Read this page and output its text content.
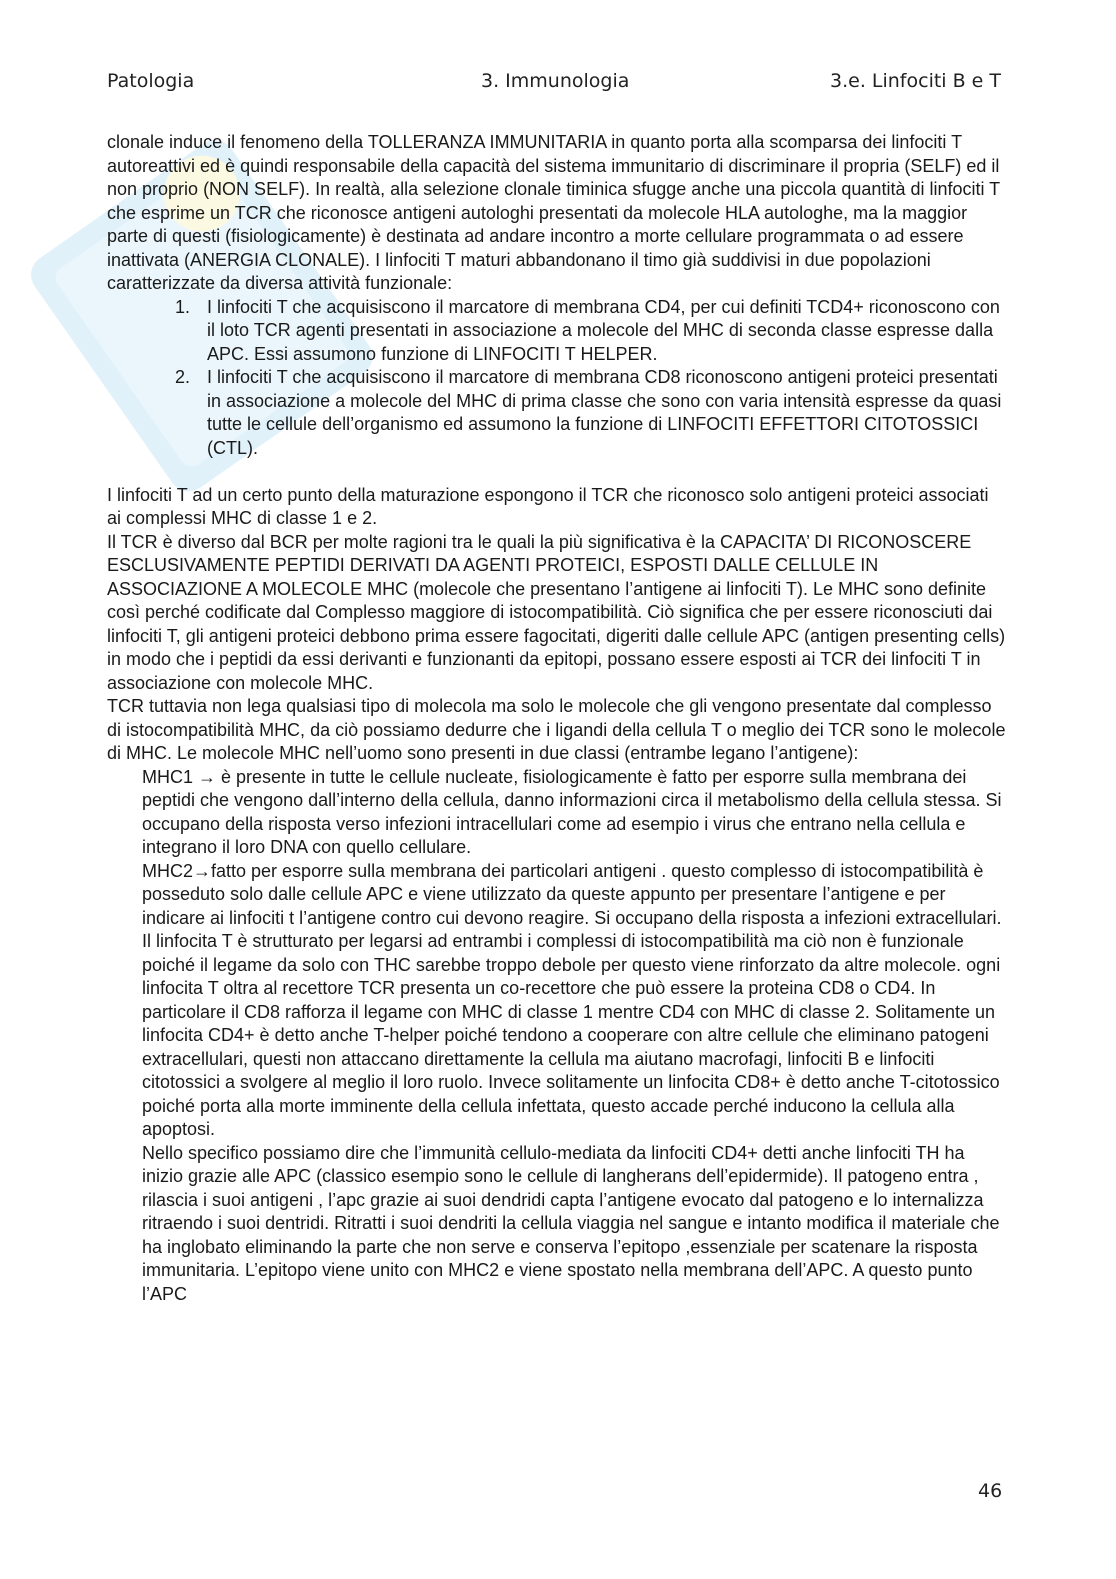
Patologia	3. Immunologia	3.e. Linfociti B e T

clonale induce il fenomeno della TOLLERANZA IMMUNITARIA in quanto porta alla scomparsa dei linfociti T autoreattivi ed è quindi responsabile della capacità del sistema immunitario di discriminare il propria (SELF) ed il non proprio (NON SELF). In realtà, alla selezione clonale timinica sfugge anche una piccola quantità di linfociti T che esprime un TCR che riconosce antigeni autologhi presentati da molecole HLA autologhe, ma la maggior parte di questi (fisiologicamente) è destinata ad andare incontro a morte cellulare programmata o ad essere inattivata (ANERGIA CLONALE). I linfociti T maturi abbandonano il timo già suddivisi in due popolazioni caratterizzate da diversa attività funzionale:

1. I linfociti T che acquisiscono il marcatore di membrana CD4, per cui definiti TCD4+ riconoscono con il loto TCR agenti presentati in associazione a molecole del MHC di seconda classe espresse dalla APC. Essi assumono funzione di LINFOCITI T HELPER.
2. I linfociti T che acquisiscono il marcatore di membrana CD8 riconoscono antigeni proteici presentati in associazione a molecole del MHC di prima classe che sono con varia intensità espresse da quasi tutte le cellule dell’organismo ed assumono la funzione di LINFOCITI EFFETTORI CITOTOSSICI (CTL).

I linfociti T ad un certo punto della maturazione espongono il TCR che riconosco solo antigeni proteici associati ai complessi MHC di classe 1 e 2.

Il TCR è diverso dal BCR per molte ragioni tra le quali la più significativa è la CAPACITA’ DI RICONOSCERE ESCLUSIVAMENTE PEPTIDI DERIVATI DA AGENTI PROTEICI, ESPOSTI DALLE CELLULE IN ASSOCIAZIONE A MOLECOLE MHC (molecole che presentano l’antigene ai linfociti T). Le MHC sono definite così perché codificate dal Complesso maggiore di istocompatibilità. Ciò significa che per essere riconosciuti dai linfociti T, gli antigeni proteici debbono prima essere fagocitati, digeriti dalle cellule APC (antigen presenting cells) in modo che i peptidi da essi derivanti e funzionanti da epitopi, possano essere esposti ai TCR dei linfociti T in associazione con molecole MHC.

TCR tuttavia non lega qualsiasi tipo di molecola ma solo le molecole che gli vengono presentate dal complesso di istocompatibilità MHC, da ciò possiamo dedurre che i ligandi della cellula T o meglio dei TCR sono le molecole di MHC. Le molecole MHC nell’uomo sono presenti in due classi (entrambe legano l’antigene):

MHC1 → è presente in tutte le cellule nucleate, fisiologicamente è fatto per esporre sulla membrana dei peptidi che vengono dall’interno della cellula, danno informazioni circa il metabolismo della cellula stessa. Si occupano della risposta verso infezioni intracellulari come ad esempio i virus che entrano nella cellula e integrano il loro DNA con quello cellulare.

MHC2→fatto per esporre sulla membrana dei particolari antigeni . questo complesso di istocompatibilità è posseduto solo dalle cellule APC e viene utilizzato da queste appunto per presentare l’antigene e per indicare ai linfociti t l’antigene contro cui devono reagire. Si occupano della risposta a infezioni extracellulari.

Il linfocita T è strutturato per legarsi ad entrambi i complessi di istocompatibilità ma ciò non è funzionale poiché il legame da solo con THC sarebbe troppo debole per questo viene rinforzato da altre molecole. ogni linfocita T oltra al recettore TCR presenta un co-recettore che può essere la proteina CD8 o CD4. In particolare il CD8 rafforza il legame con MHC di classe 1 mentre CD4 con MHC di classe 2. Solitamente un linfocita CD4+ è detto anche T-helper poiché tendono a cooperare con altre cellule che eliminano patogeni extracellulari, questi non attaccano direttamente la cellula ma aiutano macrofagi, linfociti B e linfociti citotossici a svolgere al meglio il loro ruolo. Invece solitamente un linfocita CD8+ è detto anche T-citotossico poiché porta alla morte imminente della cellula infettata, questo accade perché inducono la cellula alla apoptosi.

Nello specifico possiamo dire che l’immunità cellulo-mediata da linfociti CD4+ detti anche linfociti TH ha inizio grazie alle APC (classico esempio sono le cellule di langherans dell’epidermide). Il patogeno entra , rilascia i suoi antigeni , l’apc grazie ai suoi dendridi capta l’antigene evocato dal patogeno e lo internalizza ritraendo i suoi dentridi. Ritratti i suoi dendriti la cellula viaggia nel sangue e intanto modifica il materiale che ha inglobato eliminando la parte che non serve e conserva l’epitopo ,essenziale per scatenare la risposta immunitaria. L’epitopo viene unito con MHC2 e viene spostato nella membrana dell’APC. A questo punto l’APC

46
